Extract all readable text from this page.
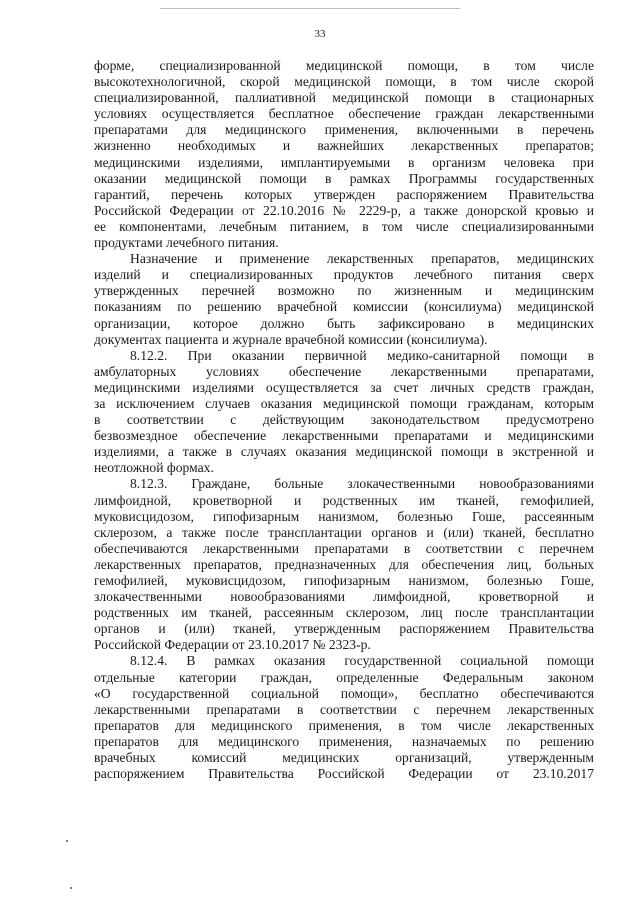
33
форме, специализированной медицинской помощи, в том числе
высокотехнологичной, скорой медицинской помощи, в том числе скорой
специализированной, паллиативной медицинской помощи в стационарных
условиях осуществляется бесплатное обеспечение граждан лекарственными
препаратами для медицинского применения, включенными в перечень
жизненно необходимых и важнейших лекарственных препаратов;
медицинскими изделиями, имплантируемыми в организм человека при
оказании медицинской помощи в рамках Программы государственных
гарантий, перечень которых утвержден распоряжением Правительства
Российской Федерации от 22.10.2016 № 2229-р, а также донорской кровью и
ее компонентами, лечебным питанием, в том числе специализированными
продуктами лечебного питания.
Назначение и применение лекарственных препаратов, медицинских
изделий и специализированных продуктов лечебного питания сверх
утвержденных перечней возможно по жизненным и медицинским
показаниям по решению врачебной комиссии (консилиума) медицинской
организации, которое должно быть зафиксировано в медицинских
документах пациента и журнале врачебной комиссии (консилиума).
8.12.2. При оказании первичной медико-санитарной помощи в
амбулаторных условиях обеспечение лекарственными препаратами,
медицинскими изделиями осуществляется за счет личных средств граждан,
за исключением случаев оказания медицинской помощи гражданам, которым
в соответствии с действующим законодательством предусмотрено
безвозмездное обеспечение лекарственными препаратами и медицинскими
изделиями, а также в случаях оказания медицинской помощи в экстренной и
неотложной формах.
8.12.3. Граждане, больные злокачественными новообразованиями
лимфоидной, кроветворной и родственных им тканей, гемофилией,
муковисцидозом, гипофизарным нанизмом, болезнью Гоше, рассеянным
склерозом, а также после трансплантации органов и (или) тканей, бесплатно
обеспечиваются лекарственными препаратами в соответствии с перечнем
лекарственных препаратов, предназначенных для обеспечения лиц, больных
гемофилией, муковисцидозом, гипофизарным нанизмом, болезнью Гоше,
злокачественными новообразованиями лимфоидной, кроветворной и
родственных им тканей, рассеянным склерозом, лиц после трансплантации
органов и (или) тканей, утвержденным распоряжением Правительства
Российской Федерации от 23.10.2017 № 2323-р.
8.12.4. В рамках оказания государственной социальной помощи
отдельные категории граждан, определенные Федеральным законом
«О государственной социальной помощи», бесплатно обеспечиваются
лекарственными препаратами в соответствии с перечнем лекарственных
препаратов для медицинского применения, в том числе лекарственных
препаратов для медицинского применения, назначаемых по решению
врачебных комиссий медицинских организаций, утвержденным
распоряжением Правительства Российской Федерации от 23.10.2017
